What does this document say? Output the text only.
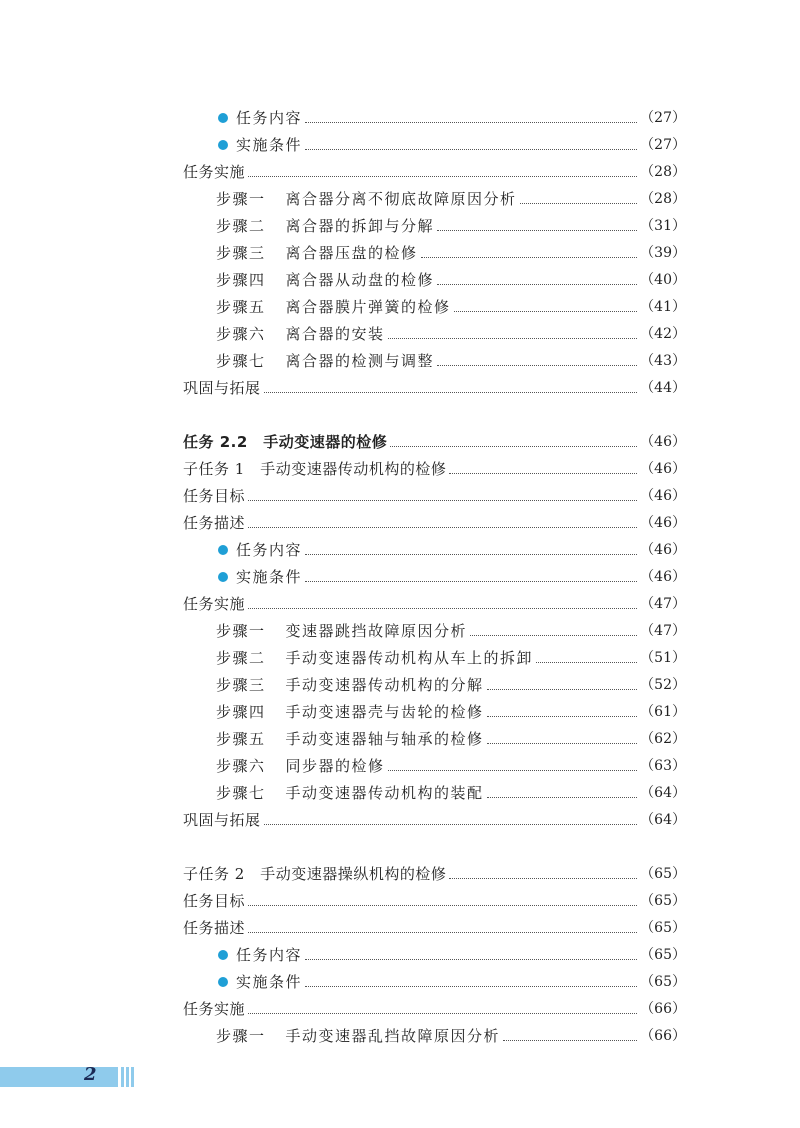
任务内容	（27）
实施条件	（27）
任务实施	（28）
步骤一 离合器分离不彻底故障原因分析	（28）
步骤二 离合器的拆卸与分解	（31）
步骤三 离合器压盘的检修	（39）
步骤四 离合器从动盘的检修	（40）
步骤五 离合器膜片弹簧的检修	（41）
步骤六 离合器的安装	（42）
步骤七 离合器的检测与调整	（43）
巩固与拓展	（44）
任务 2.2　手动变速器的检修	（46）
子任务 1　手动变速器传动机构的检修	（46）
任务目标	（46）
任务描述	（46）
任务内容	（46）
实施条件	（46）
任务实施	（47）
步骤一 变速器跳挡故障原因分析	（47）
步骤二 手动变速器传动机构从车上的拆卸	（51）
步骤三 手动变速器传动机构的分解	（52）
步骤四 手动变速器壳与齿轮的检修	（61）
步骤五 手动变速器轴与轴承的检修	（62）
步骤六 同步器的检修	（63）
步骤七 手动变速器传动机构的装配	（64）
巩固与拓展	（64）
子任务 2　手动变速器操纵机构的检修	（65）
任务目标	（65）
任务描述	（65）
任务内容	（65）
实施条件	（65）
任务实施	（66）
步骤一 手动变速器乱挡故障原因分析	（66）
2
